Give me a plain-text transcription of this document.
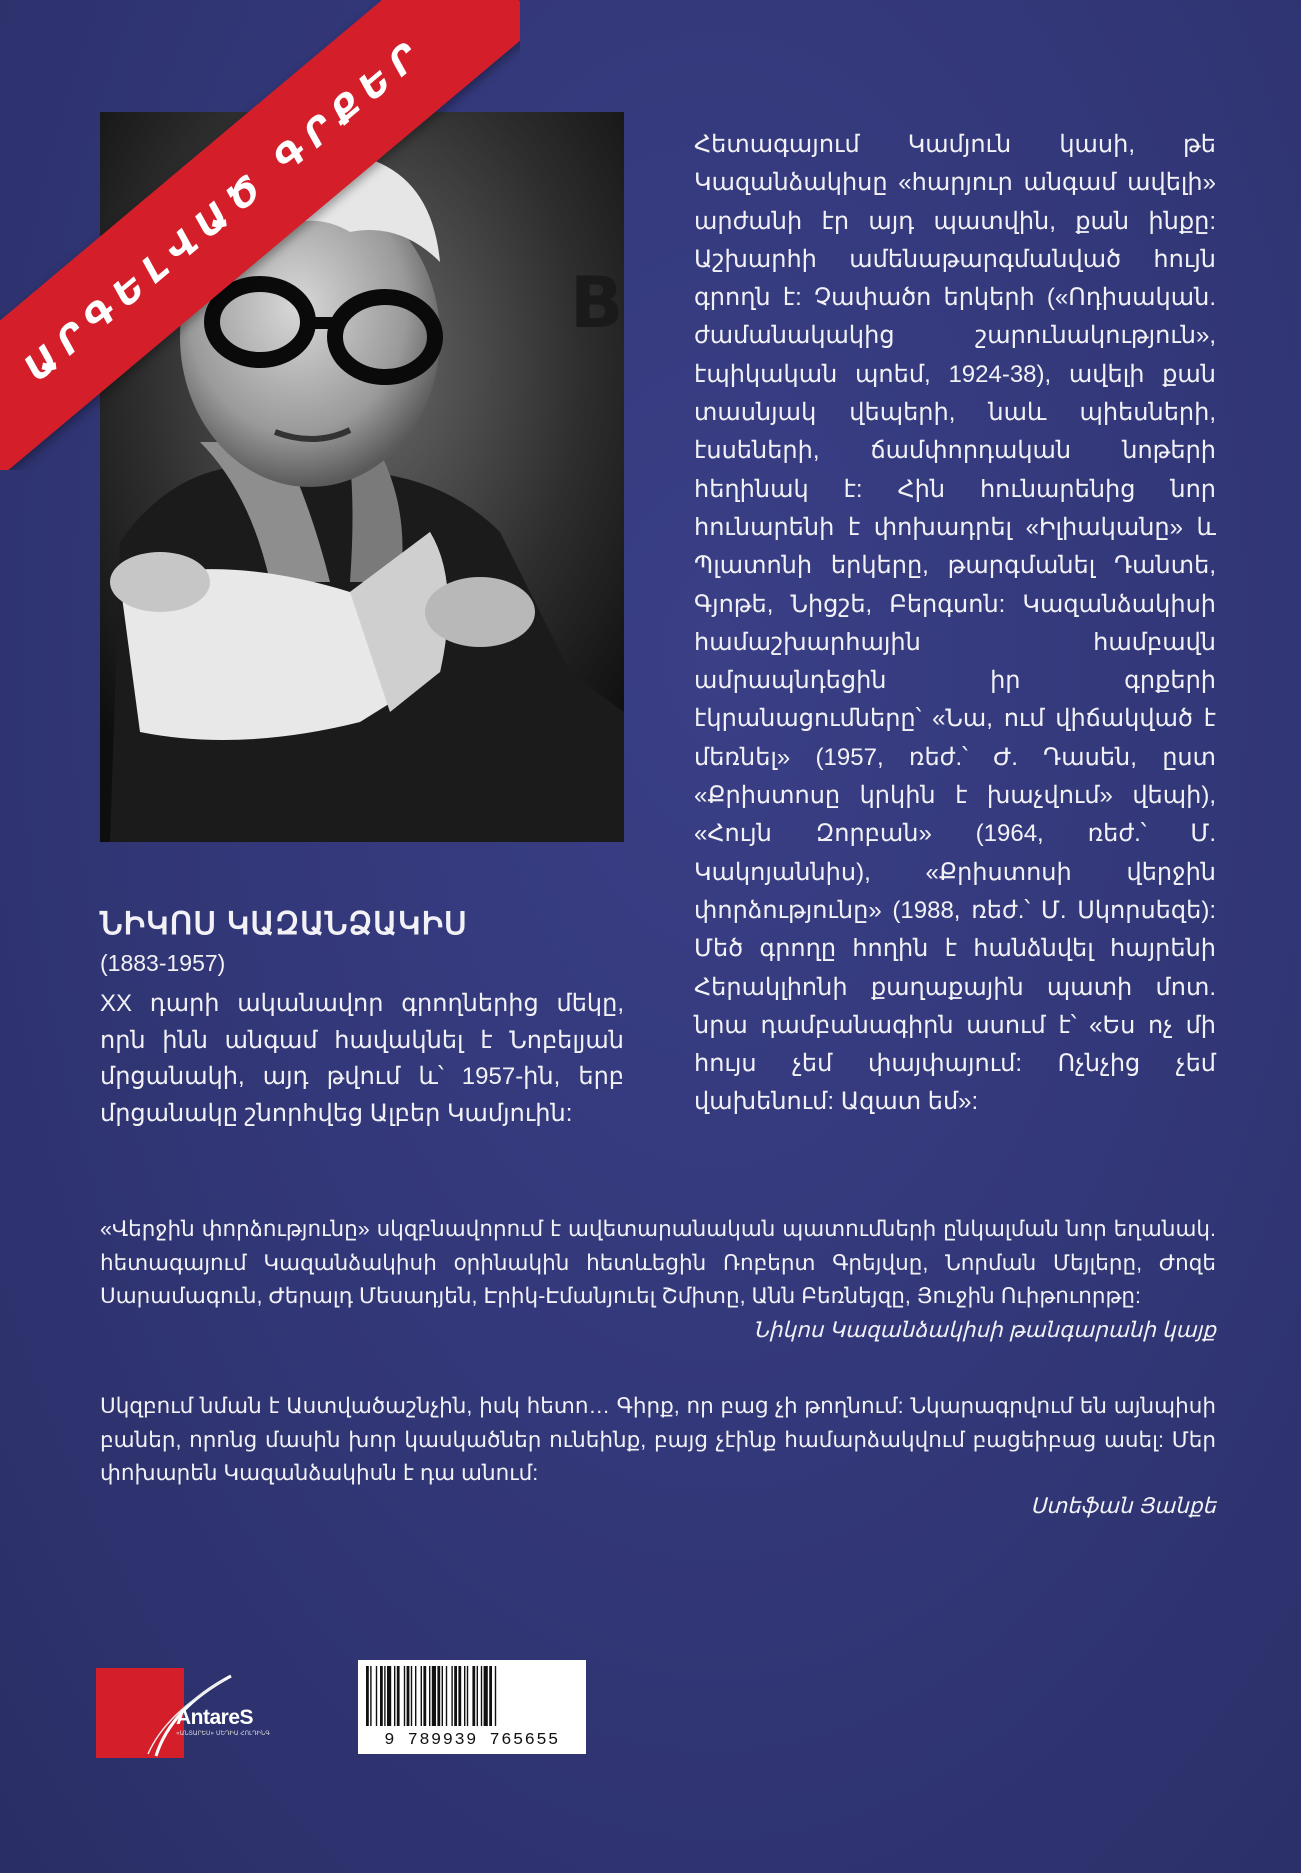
B
ԱՐԳԵԼՎԱԾ ԳՐՔԵՐ
ՆԻԿՈՍ ԿԱԶԱՆՁԱԿԻՍ
(1883-1957)

XX դարի ականավոր գրողներից մեկը, որն ինն անգամ հավակնել է Նոբելյան մրցանակի, այդ թվում և՝ 1957-ին, երբ մրցանակը շնորհվեց Ալբեր Կամյուին:

Հետագայում Կամյուն կասի, թե Կազանձակիսը «հարյուր անգամ ավելի» արժանի էր այդ պատվին, քան ինքը: Աշխարհի ամենաթարգմանված հույն գրողն է: Չափածո երկերի («Ոդիսական. ժամանակակից շարունակություն», էպիկական պոեմ, 1924-38), ավելի քան տասնյակ վեպերի, նաև պիեսների, էսսեների, ճամփորդական նոթերի հեղինակ է: Հին հունարենից նոր հունարենի է փոխադրել «Իլիականը» և Պլատոնի երկերը, թարգմանել Դանտե, Գյոթե, Նիցշե, Բերգսոն: Կազանձակիսի համաշխարհային համբավն ամրապնդեցին իր գրքերի էկրանացումները՝ «Նա, ում վիճակված է մեռնել» (1957, ռեժ.՝ Ժ. Դասեն, ըստ «Քրիստոսը կրկին է խաչվում» վեպի), «Հույն Զորբան» (1964, ռեժ.՝ Մ. Կակոյաննիս), «Քրիստոսի վերջին փորձությունը» (1988, ռեժ.՝ Մ. Սկորսեզե): Մեծ գրողը հողին է հանձնվել հայրենի Հերակլիոնի քաղաքային պատի մոտ. նրա դամբանագիրն ասում է՝ «Ես ոչ մի հույս չեմ փայփայում: Ոչնչից չեմ վախենում: Ազատ եմ»:

«Վերջին փորձությունը» սկզբնավորում է ավետարանական պատումների ընկալման նոր եղանակ. հետագայում Կազանձակիսի օրինակին հետևեցին Ռոբերտ Գրեյվսը, Նորման Մեյլերը, Ժոզե Սարամագուն, Ժերալդ Մեսադյեն, Էրիկ-Էմանյուել Շմիտը, Անն Բեռնեյզը, Յուջին Ուիթուորթը:

Նիկոս Կազանձակիսի թանգարանի կայք

Սկզբում նման է Աստվածաշնչին, իսկ հետո… Գիրք, որ բաց չի թողնում: Նկարագրվում են այնպիսի բաներ, որոնց մասին խոր կասկածներ ունեինք, բայց չէինք համարձակվում բացեիբաց ասել: Մեր փոխարեն Կազանձակիսն է դա անում:

Ստեֆան Յանքե
AntareS
«ԱՆՏԱՐԵՍ» ՄԵԴԻԱ ՀՈԼԴԻՆԳ	9 789939 765655
